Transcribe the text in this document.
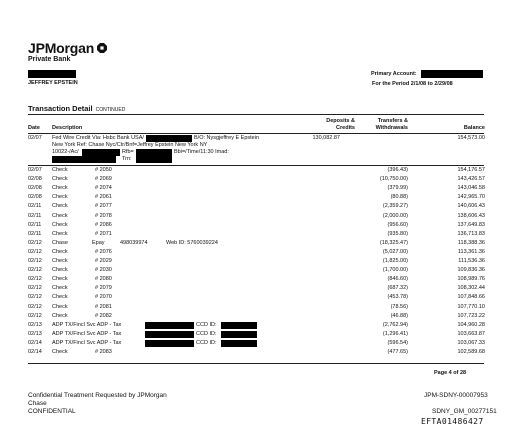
JPMorgan
Private Bank
JEFFREY EPSTEIN
Primary Account:
For the Period 2/1/08 to 2/29/08
Transaction Detail CONTINUED
Date Description
Deposits &
Credits
Transfers &
Withdrawals	Balance
02/07 Fed Wire Credit Via: Hsbc Bank USA/	B/O: Nysgjeffrey E Epstein
New York Ref: Chase Nyc/Ctr/Bnf=Jeffrey Epstein New York NY
10022-/Ac/	Rfb=	Bbi=/Time/11:30 Imad:
Trn:
130,082.87	154,573.00
02/07 Check	# 2050	(396.43)	154,176.57
02/08 Check	# 2069	(10,750.00)	143,426.57
02/08 Check	# 2074	(379.99)	143,046.58
02/08 Check	# 2061	(80.88)	142,965.70
02/11 Check	# 2077	(2,359.27)	140,606.43
02/11 Check	# 2078	(2,000.00)	138,606.43
02/11 Check	# 2086	(956.60)	137,649.83
02/11 Check	# 2071	(935.80)	136,713.83
02/12 Chase	Epay	498039974	Web ID: 5760039224	(18,325.47)	118,388.36
02/12 Check	# 2076	(5,027.00)	113,361.36
02/12 Check	# 2029	(1,825.00)	111,536.36
02/12 Check	# 2030	(1,700.00)	109,836.36
02/12 Check	# 2080	(846.60)	108,989.76
02/12 Check	# 2079	(687.32)	108,302.44
02/12 Check	# 2070	(453.78)	107,848.66
02/12 Check	# 2081	(78.56)	107,770.10
02/12 Check	# 2082	(46.88)	107,723.22
02/13 ADP TX/Fincl Svc ADP - Tax	CCD ID:	(2,762.94)	104,960.28
02/13 ADP TX/Fincl Svc ADP - Tax	CCD ID:	(1,296.41)	103,663.87
02/14 ADP TX/Fincl Svc ADP - Tax	CCD ID:	(596.54)	103,067.33
02/14 Check	# 2083	(477.65)	102,589.68
Page 4 of 28
Confidential Treatment Requested by JPMorgan
Chase
CONFIDENTIAL
JPM-SDNY-00007953
SDNY_GM_00277151
EFTA01486427
